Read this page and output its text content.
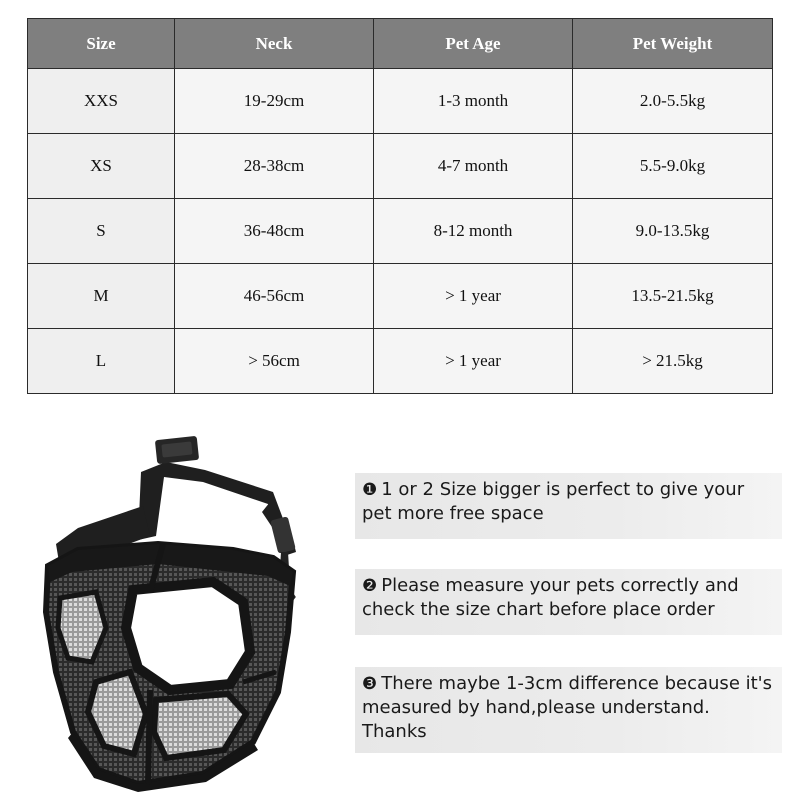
Size	Neck	Pet Age	Pet Weight
XXS	19-29cm	1-3 month	2.0-5.5kg
XS	28-38cm	4-7 month	5.5-9.0kg
S	36-48cm	8-12 month	9.0-13.5kg
M	46-56cm	> 1 year	13.5-21.5kg
L	> 56cm	> 1 year	> 21.5kg
❶ 1 or 2 Size bigger is perfect to give your pet more free space
❷ Please measure your pets correctly and check the size chart before place order
❸ There maybe 1-3cm difference because it's measured by hand,please understand. Thanks
